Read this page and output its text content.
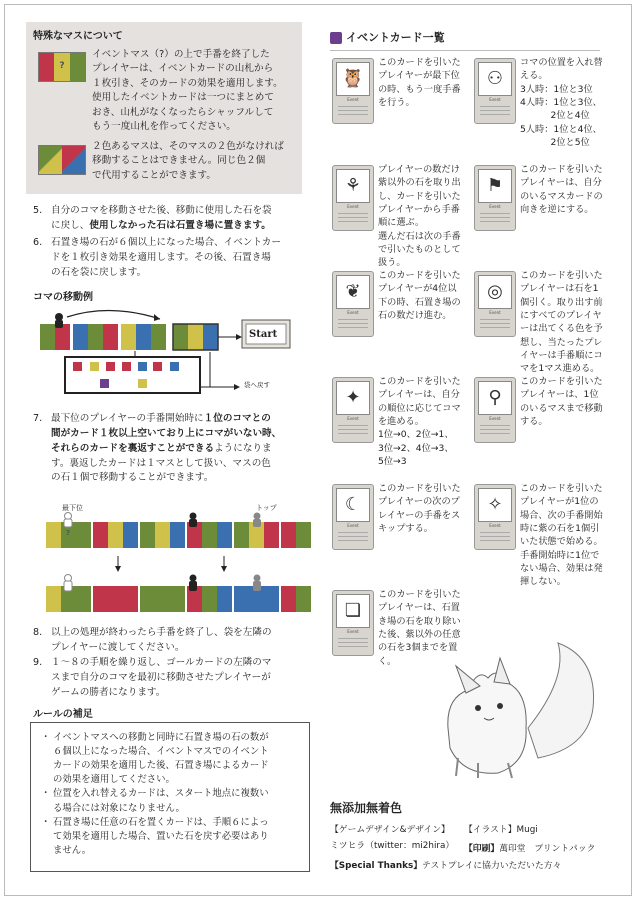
特殊なマスについて
?
イベントマス（?）の上で手番を終了した
プレイヤーは、イベントカードの山札から
１枚引き、そのカードの効果を適用します。
使用したイベントカードは一つにまとめて
おき、山札がなくなったらシャッフルして
もう一度山札を作ってください。
２色あるマスは、そのマスの２色がなければ
移動することはできません。同じ色２個
で代用することができます。
5. 自分のコマを移動させた後、移動に使用した石を袋
に戻し、使用しなかった石は石置き場に置きます。
6. 石置き場の石が６個以上になった場合、イベントカー
ドを１枚引き効果を適用します。その後、石置き場
の石を袋に戻します。
コマの移動例
Start
袋へ戻す
7. 最下位のプレイヤーの手番開始時に１位のコマとの
間がカード１枚以上空いており上にコマがいない時、
それらのカードを裏返すことができるようになりま
す。裏返したカードは１マスとして扱い、マスの色
の石１個で移動することができます。
最下位	トップ
?
8. 以上の処理が終わったら手番を終了し、袋を左隣の
プレイヤーに渡してください。
9. １～８の手順を繰り返し、ゴールカードの左隣のマ
スまで自分のコマを最初に移動させたプレイヤーが
ゲームの勝者になります。
ルールの補足
・ イベントマスへの移動と同時に石置き場の石の数が
６個以上になった場合、イベントマスでのイベント
カードの効果を適用した後、石置き場によるカード
の効果を適用してください。
・ 位置を入れ替えるカードは、スタート地点に複数い
る場合には対象になりません。
・ 石置き場に任意の石を置くカードは、手順６によっ
て効果を適用した場合、置いた石を戻す必要はあり
ません。
イベントカード一覧
🦉
Event
このカードを引いた
プレイヤーが最下位
の時、もう一度手番
を行う。
⚇
Event
コマの位置を入れ替
える。
3人時：1位と3位
4人時：1位と3位、
　　　 2位と4位
5人時：1位と4位、
　　　 2位と5位
⚘
Event
プレイヤーの数だけ
紫以外の石を取り出
し、カードを引いた
プレイヤーから手番
順に選ぶ。
選んだ石は次の手番
で引いたものとして
扱う。
⚑
Event
このカードを引いた
プレイヤーは、自分
のいるマスカードの
向きを逆にする。
❦
Event
このカードを引いた
プレイヤーが4位以
下の時、石置き場の
石の数だけ進む。
◎
Event
このカードを引いた
プレイヤーは石を1
個引く。取り出す前
にすべてのプレイヤ
ーは出てくる色を予
想し、当たったプレ
イヤーは手番順にコ
マを1マス進める。
✦
Event
このカードを引いた
プレイヤーは、自分
の順位に応じてコマ
を進める。
1位→0、2位→1、
3位→2、4位→3、
5位→3
⚲
Event
このカードを引いた
プレイヤーは、1位
のいるマスまで移動
する。
☾
Event
このカードを引いた
プレイヤーの次のプ
レイヤーの手番をス
キップする。
✧
Event
このカードを引いた
プレイヤーが1位の
場合、次の手番開始
時に紫の石を1個引
いた状態で始める。
手番開始時に1位で
ない場合、効果は発
揮しない。
❏
Event
このカードを引いた
プレイヤーは、石置
き場の石を取り除い
た後、紫以外の任意
の石を3個までを置
く。
無添加無着色
【ゲームデザイン&デザイン】
ミツヒラ（twitter：mi2hira）
【イラスト】Mugi
【印刷】萬印堂　プリントパック
【Special Thanks】テストプレイに協力いただいた方々
